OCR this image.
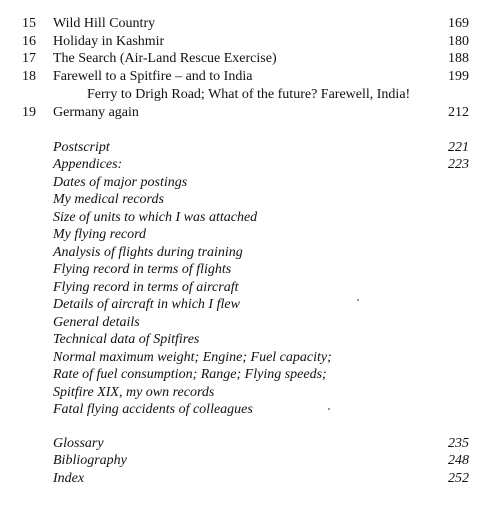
15 Wild Hill Country	169
16 Holiday in Kashmir	180
17 The Search (Air-Land Rescue Exercise)	188
18 Farewell to a Spitfire – and to India	199
Ferry to Drigh Road; What of the future? Farewell, India!
19 Germany again	212
Postscript	221
Appendices:	223
Dates of major postings
My medical records
Size of units to which I was attached
My flying record
Analysis of flights during training
Flying record in terms of flights
Flying record in terms of aircraft
Details of aircraft in which I flew
General details
Technical data of Spitfires
Normal maximum weight; Engine; Fuel capacity;
Rate of fuel consumption; Range; Flying speeds;
Spitfire XIX, my own records
Fatal flying accidents of colleagues
Glossary	235
Bibliography	248
Index	252
